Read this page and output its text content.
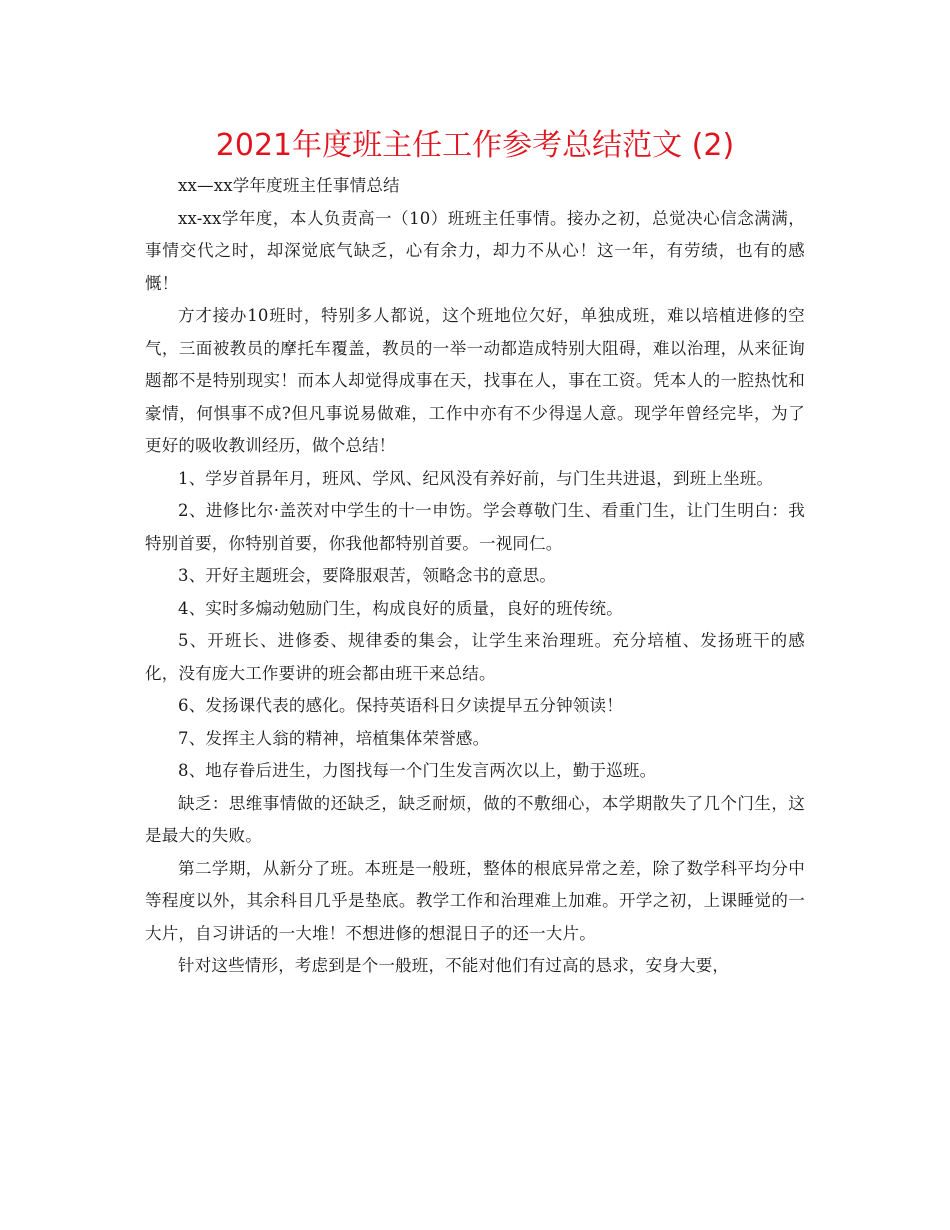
2021年度班主任工作参考总结范文 (2)

xx—xx学年度班主任事情总结

xx-xx学年度，本人负责高一（10）班班主任事情。接办之初，总觉决心信念满满，事情交代之时，却深觉底气缺乏，心有余力，却力不从心！这一年，有劳绩，也有的感慨！

方才接办10班时，特别多人都说，这个班地位欠好，单独成班，难以培植进修的空气，三面被教员的摩托车覆盖，教员的一举一动都造成特别大阻碍，难以治理，从来征询题都不是特别现实！而本人却觉得成事在天，找事在人，事在工资。凭本人的一腔热忱和豪情，何惧事不成?但凡事说易做难，工作中亦有不少得逞人意。现学年曾经完毕，为了更好的吸收教训经历，做个总结！

1、学岁首䁀年月，班风、学风、纪风没有养好前，与门生共进退，到班上坐班。

2、进修比尔·盖茨对中学生的十一申饬。学会尊敬门生、看重门生，让门生明白：我特别首要，你特别首要，你我他都特别首要。一视同仁。

3、开好主题班会，要降服艰苦，领略念书的意思。

4、实时多煽动勉励门生，构成良好的质量，良好的班传统。

5、开班长、进修委、规律委的集会，让学生来治理班。充分培植、发扬班干的感化，没有庞大工作要讲的班会都由班干来总结。

6、发扬课代表的感化。保持英语科日夕读提早五分钟领读！

7、发挥主人翁的精神，培植集体荣誉感。

8、地存眷后进生，力图找每一个门生发言两次以上，勤于巡班。

缺乏：思维事情做的还缺乏，缺乏耐烦，做的不敷细心，本学期散失了几个门生，这是最大的失败。

第二学期，从新分了班。本班是一般班，整体的根底异常之差，除了数学科平均分中等程度以外，其余科目几乎是垫底。教学工作和治理难上加难。开学之初，上课睡觉的一大片，自习讲话的一大堆！不想进修的想混日子的还一大片。

针对这些情形，考虑到是个一般班，不能对他们有过高的恳求，安身大要，
